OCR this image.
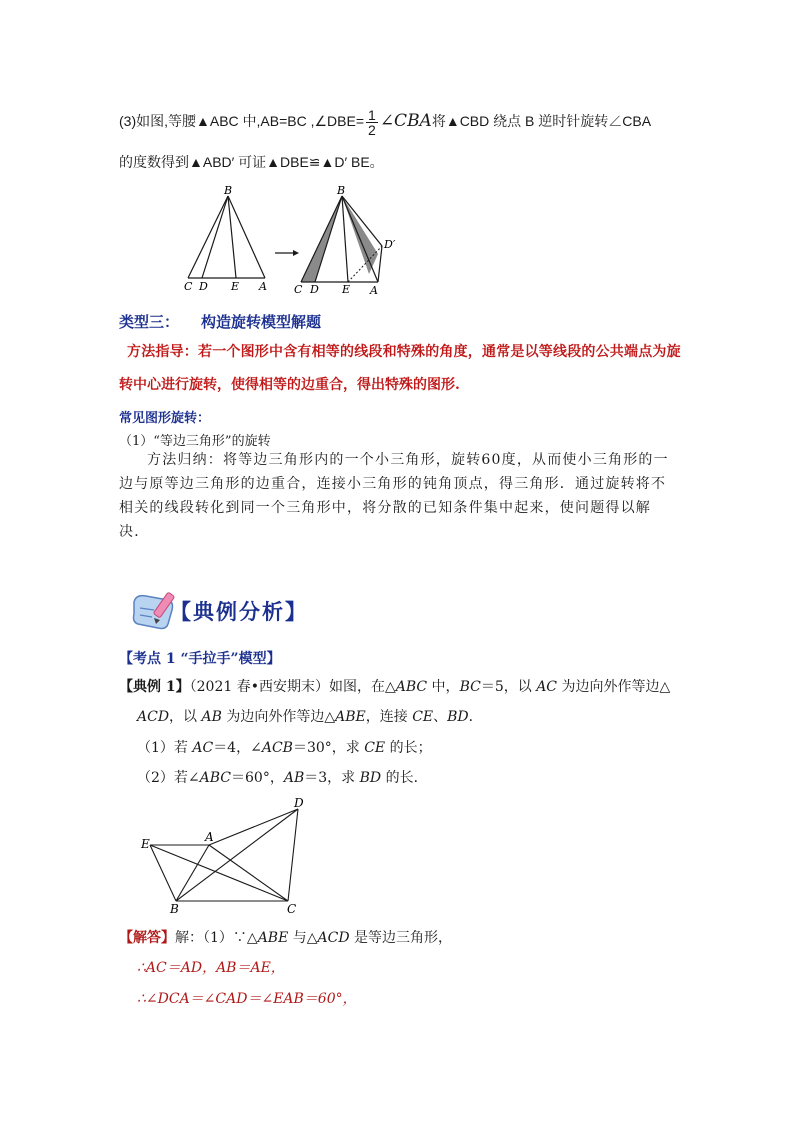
(3)如图,等腰▲ABC 中,AB=BC ,∠DBE= $\frac{1}{2}$ ∠CBA将▲CBD 绕点 B 逆时针旋转∠CBA
的度数得到▲ABD′ 可证▲DBE≌▲D′ BE。
B
C D E A
B
C D E A
D′
类型三： 构造旋转模型解题
方法指导：若一个图形中含有相等的线段和特殊的角度，通常是以等线段的公共端点为旋
转中心进行旋转，使得相等的边重合，得出特殊的图形.
常见图形旋转：
（1）“等边三角形”的旋转
方法归纳：将等边三角形内的一个小三角形，旋转60度，从而使小三角形的一边与原等边三角形的边重合，连接小三角形的钝角顶点，得三角形．通过旋转将不相关的线段转化到同一个三角形中，将分散的已知条件集中起来，使问题得以解决．
【典例分析】
【考点 1 “手拉手”模型】
【典例 1】（2021 春•西安期末）如图，在△ABC 中，BC＝5，以 AC 为边向外作等边△
ACD，以 AB 为边向外作等边△ABE，连接 CE、BD．
（1）若 AC＝4，∠ACB＝30°，求 CE 的长；
（2）若∠ABC＝60°，AB＝3，求 BD 的长．
D
A
E
B	C
【解答】解：（1）∵△ABE 与△ACD 是等边三角形，
∴AC＝AD，AB＝AE，
∴∠DCA＝∠CAD＝∠EAB＝60°，
